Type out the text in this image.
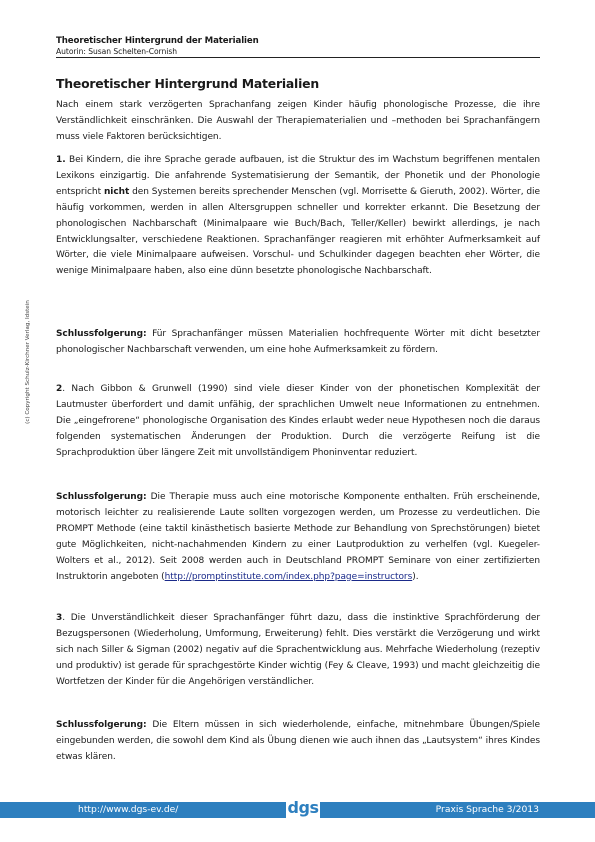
Theoretischer Hintergrund der Materialien
Autorin: Susan Schelten-Cornish
Theoretischer Hintergrund Materialien

Nach einem stark verzögerten Sprachanfang zeigen Kinder häufig phonologische Prozesse, die ihre Verständlichkeit einschränken. Die Auswahl der Therapiematerialien und –methoden bei Sprachanfängern muss viele Faktoren berücksichtigen.

1. Bei Kindern, die ihre Sprache gerade aufbauen, ist die Struktur des im Wachstum begriffenen mentalen Lexikons einzigartig. Die anfahrende Systematisierung der Semantik, der Phonetik und der Phonologie entspricht nicht den Systemen bereits sprechender Menschen (vgl. Morrisette & Gieruth, 2002). Wörter, die häufig vorkommen, werden in allen Altersgruppen schneller und korrekter erkannt. Die Besetzung der phonologischen Nachbarschaft (Minimalpaare wie Buch/Bach, Teller/Keller) bewirkt allerdings, je nach Entwicklungsalter, verschiedene Reaktionen. Sprachanfänger reagieren mit erhöhter Aufmerksamkeit auf Wörter, die viele Minimalpaare aufweisen. Vorschul- und Schulkinder dagegen beachten eher Wörter, die wenige Minimalpaare haben, also eine dünn besetzte phonologische Nachbarschaft.

Schlussfolgerung: Für Sprachanfänger müssen Materialien hochfrequente Wörter mit dicht besetzter phonologischer Nachbarschaft verwenden, um eine hohe Aufmerksamkeit zu fördern.

2. Nach Gibbon & Grunwell (1990) sind viele dieser Kinder von der phonetischen Komplexität der Lautmuster überfordert und damit unfähig, der sprachlichen Umwelt neue Informationen zu entnehmen. Die „eingefrorene“ phonologische Organisation des Kindes erlaubt weder neue Hypothesen noch die daraus folgenden systematischen Änderungen der Produktion. Durch die verzögerte Reifung ist die Sprachproduktion über längere Zeit mit unvollständigem Phoninventar reduziert.

Schlussfolgerung: Die Therapie muss auch eine motorische Komponente enthalten. Früh erscheinende, motorisch leichter zu realisierende Laute sollten vorgezogen werden, um Prozesse zu verdeutlichen. Die PROMPT Methode (eine taktil kinästhetisch basierte Methode zur Behandlung von Sprechstörungen) bietet gute Möglichkeiten, nicht-nachahmenden Kindern zu einer Lautproduktion zu verhelfen (vgl. Kuegeler-Wolters et al., 2012). Seit 2008 werden auch in Deutschland PROMPT Seminare von einer zertifizierten Instruktorin angeboten (http://promptinstitute.com/index.php?page=instructors).

3. Die Unverständlichkeit dieser Sprachanfänger führt dazu, dass die instinktive Sprachförderung der Bezugspersonen (Wiederholung, Umformung, Erweiterung) fehlt. Dies verstärkt die Verzögerung und wirkt sich nach Siller & Sigman (2002) negativ auf die Sprachentwicklung aus. Mehrfache Wiederholung (rezeptiv und produktiv) ist gerade für sprachgestörte Kinder wichtig (Fey & Cleave, 1993) und macht gleichzeitig die Wortfetzen der Kinder für die Angehörigen verständlicher.

Schlussfolgerung: Die Eltern müssen in sich wiederholende, einfache, mitnehmbare Übungen/Spiele eingebunden werden, die sowohl dem Kind als Übung dienen wie auch ihnen das „Lautsystem“ ihres Kindes etwas klären.

(c) Copyright Schulz-Kirchner Verlag, Idstein
http://www.dgs-ev.de/	dgs	Praxis Sprache 3/2013
